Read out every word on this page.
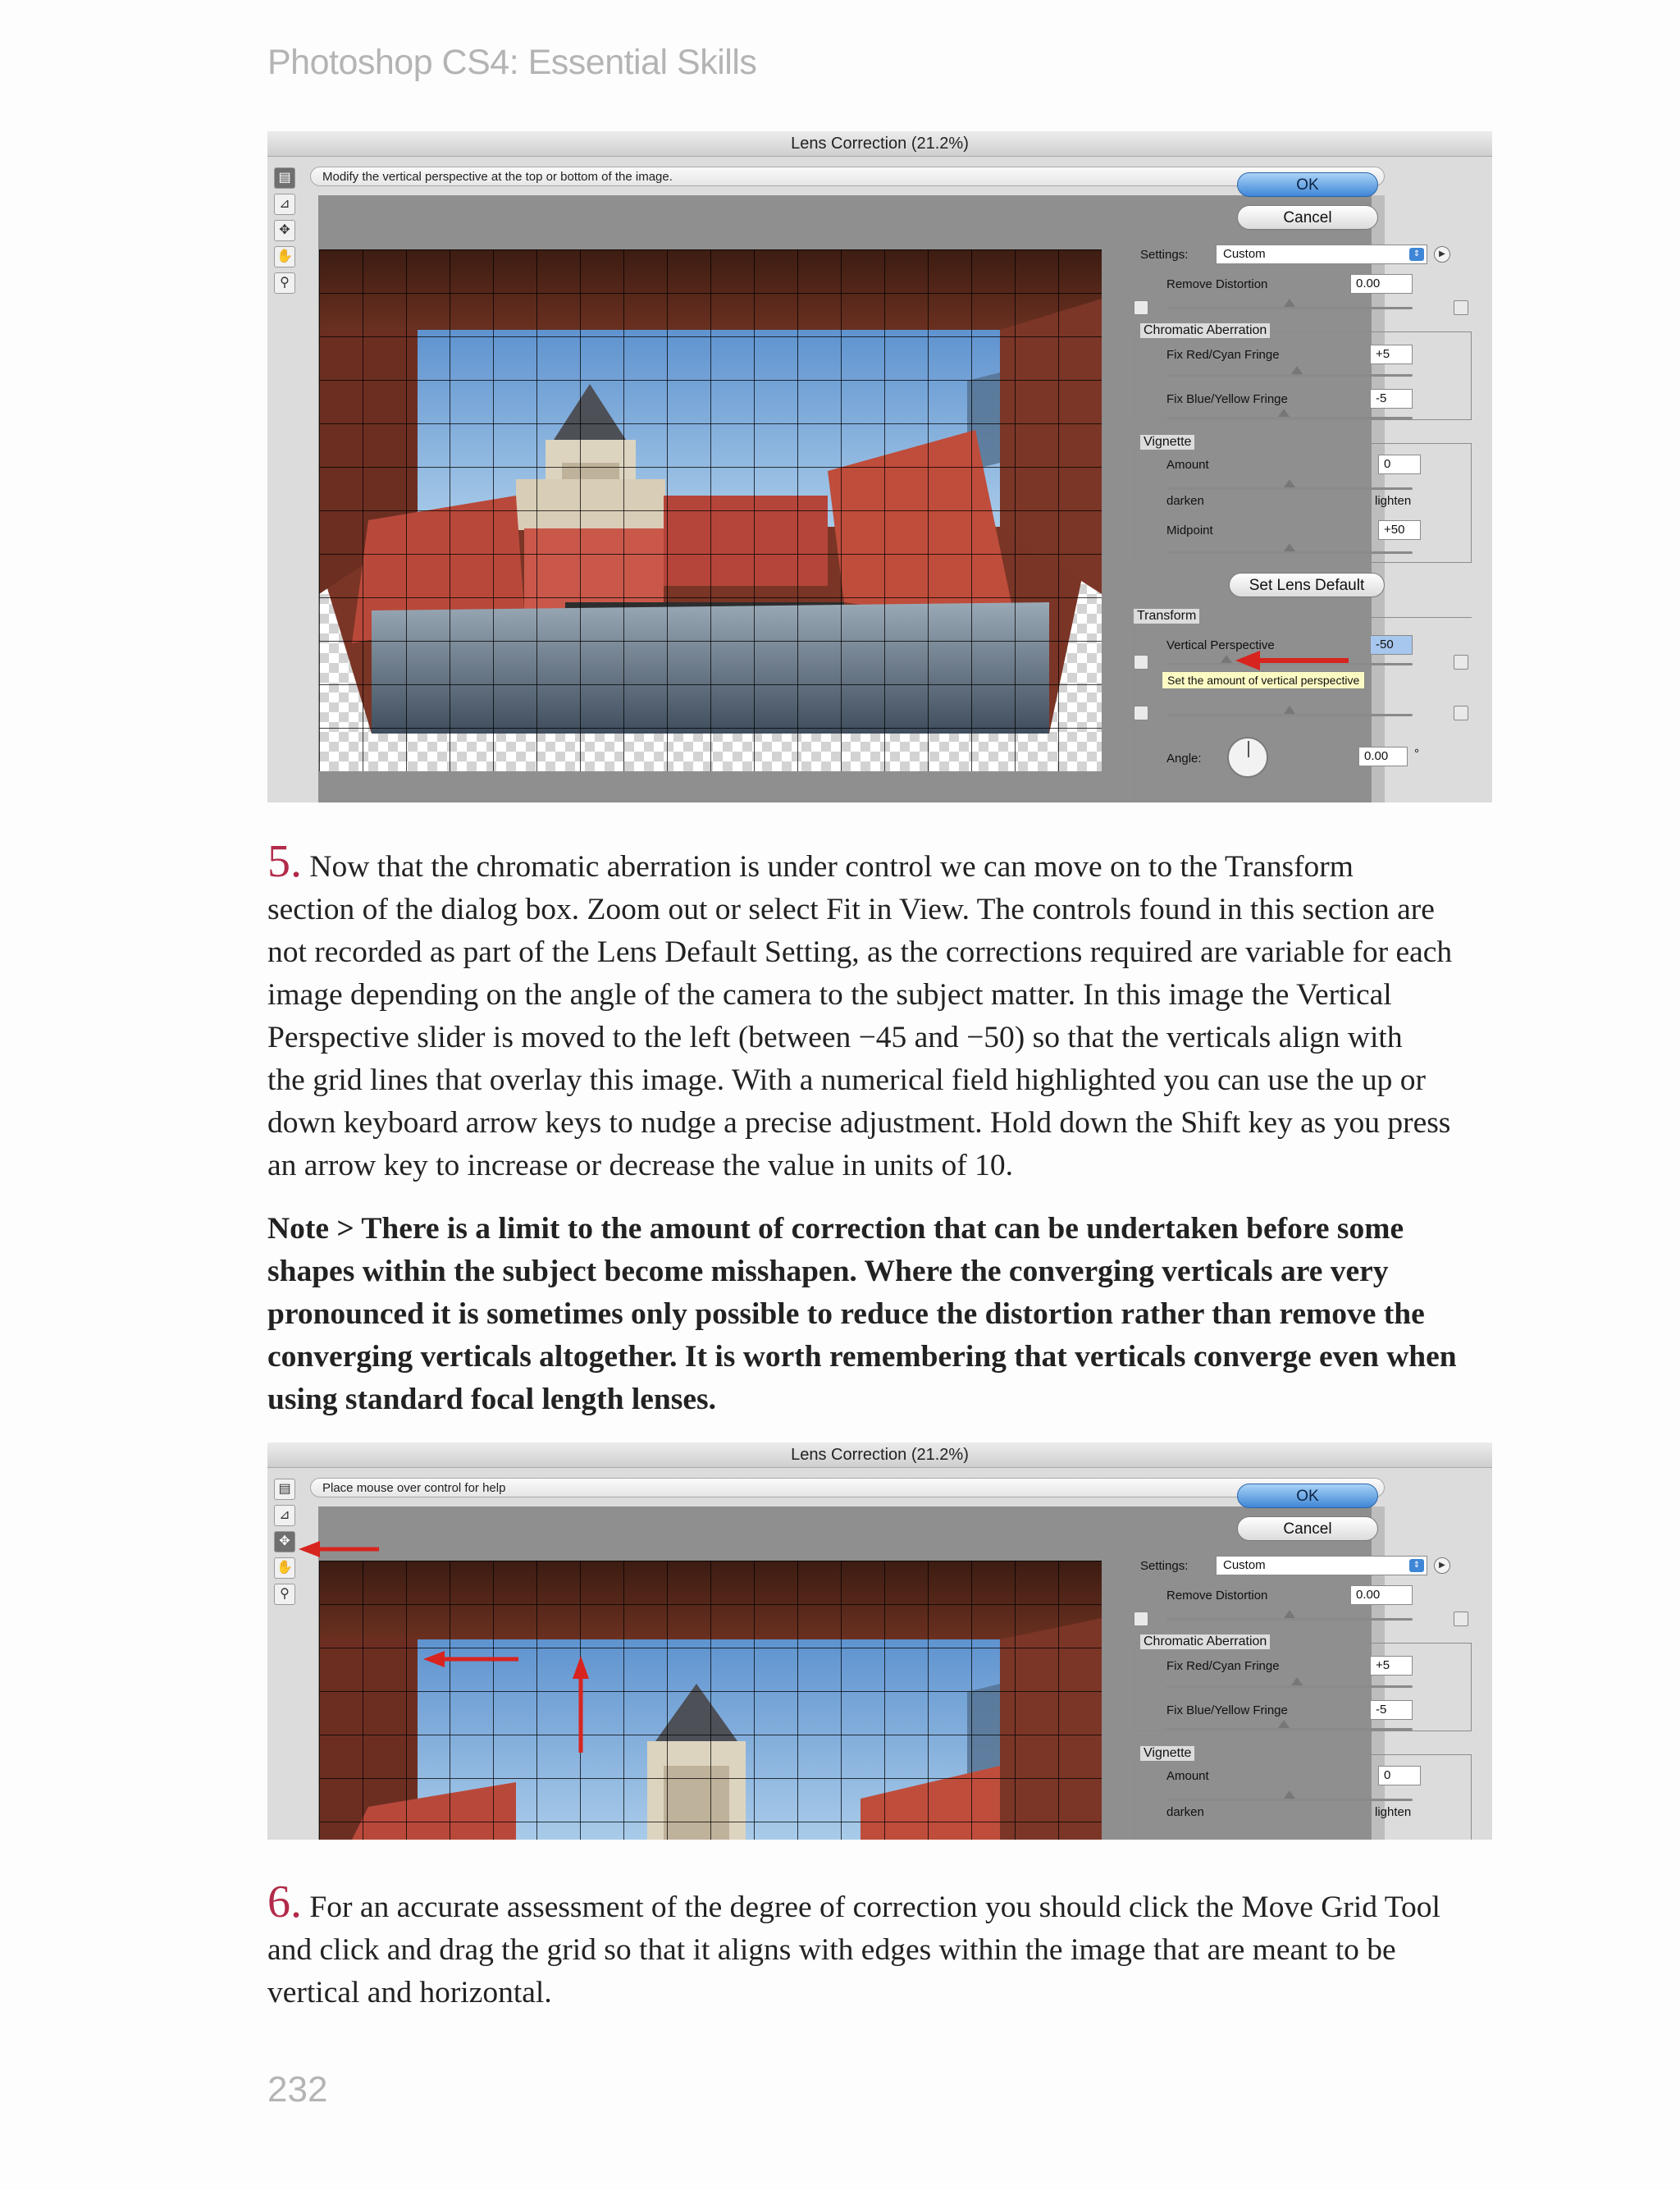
Photoshop CS4: Essential Skills
Lens Correction (21.2%)
▤
⊿
✥
✋
⚲
Modify the vertical perspective at the top or bottom of the image.	OK
Cancel
Settings:	Custom	⇕	▶
Remove Distortion	0.00
Chromatic Aberration
Fix Red/Cyan Fringe	+5
Fix Blue/Yellow Fringe	-5
Vignette
Amount	0
darken	lighten
Midpoint	+50
Set Lens Default
Transform
Vertical Perspective	-50
Set the amount of vertical perspective
Angle:	0.00	°
5. Now that the chromatic aberration is under control we can move on to the Transform
section of the dialog box. Zoom out or select Fit in View. The controls found in this section are
not recorded as part of the Lens Default Setting, as the corrections required are variable for each
image depending on the angle of the camera to the subject matter. In this image the Vertical
Perspective slider is moved to the left (between −45 and −50) so that the verticals align with
the grid lines that overlay this image. With a numerical field highlighted you can use the up or
down keyboard arrow keys to nudge a precise adjustment. Hold down the Shift key as you press
an arrow key to increase or decrease the value in units of 10.
Note > There is a limit to the amount of correction that can be undertaken before some
shapes within the subject become misshapen. Where the converging verticals are very
pronounced it is sometimes only possible to reduce the distortion rather than remove the
converging verticals altogether. It is worth remembering that verticals converge even when
using standard focal length lenses.
Lens Correction (21.2%)
▤
⊿
✥
✋
⚲
Place mouse over control for help	OK
Cancel
Settings:	Custom	⇕	▶
Remove Distortion	0.00
Chromatic Aberration
Fix Red/Cyan Fringe	+5
Fix Blue/Yellow Fringe	-5
Vignette
Amount	0
darken	lighten
6. For an accurate assessment of the degree of correction you should click the Move Grid Tool
and click and drag the grid so that it aligns with edges within the image that are meant to be
vertical and horizontal.
232
